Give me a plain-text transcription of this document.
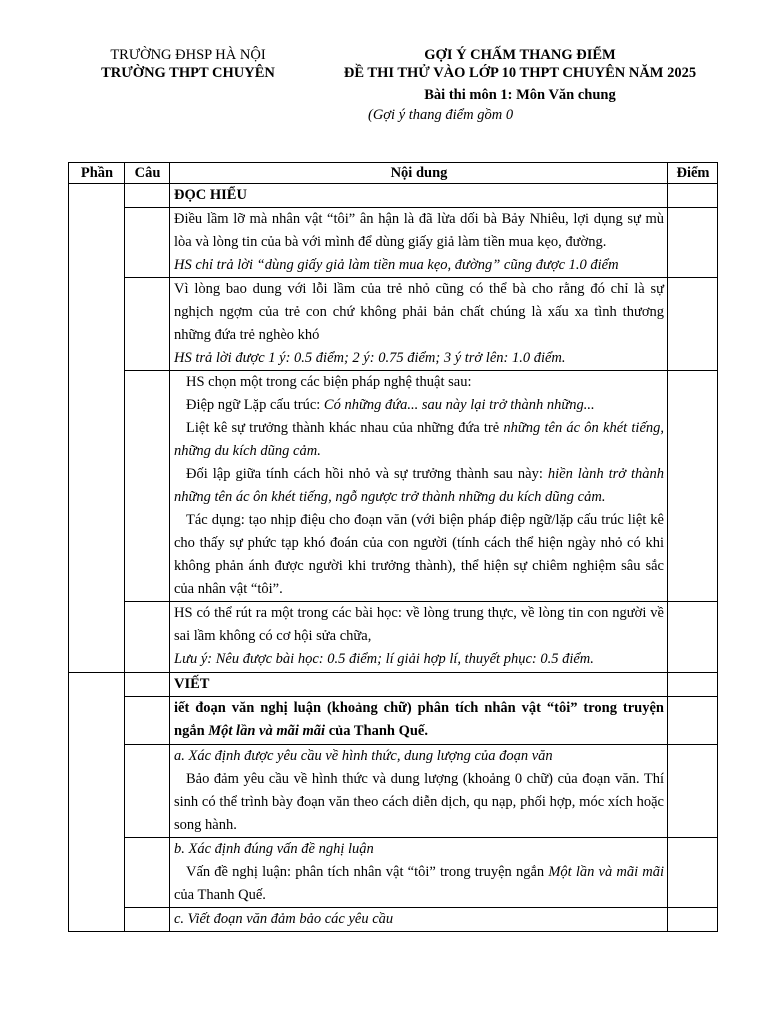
TRƯỜNG ĐHSP HÀ NỘI
TRƯỜNG THPT CHUYÊN
GỢI Ý CHẤM THANG ĐIỂM
ĐỀ THI THỬ VÀO LỚP 10 THPT CHUYÊN NĂM 2025
Bài thi môn 1: Môn Văn chung
(Gợi ý thang điểm gồm 0
Phần	Câu	Nội dung	Điểm
		ĐỌC HIỂU	

		Điều lầm lỡ mà nhân vật “tôi” ân hận là đã lừa dối bà Bảy Nhiêu, lợi dụng sự mù lòa và lòng tin của bà với mình để dùng giấy giả làm tiền mua kẹo, đường.

HS chỉ trả lời “dùng giấy giả làm tiền mua kẹo, đường” cũng được 1.0 điểm	

		Vì lòng bao dung với lỗi lầm của trẻ nhỏ cũng có thể bà cho rằng đó chỉ là sự nghịch ngợm của trẻ con chứ không phải bản chất chúng là xấu xa tình thương những đứa trẻ nghèo khó

HS trả lời được 1 ý: 0.5 điểm; 2 ý: 0.75 điểm; 3 ý trở lên: 1.0 điểm.	

		HS chọn một trong các biện pháp nghệ thuật sau:

Điệp ngữ Lặp cấu trúc: Có những đứa... sau này lại trở thành những...

Liệt kê sự trưởng thành khác nhau của những đứa trẻ những tên ác ôn khét tiếng, những du kích dũng cảm.

Đối lập giữa tính cách hồi nhỏ và sự trưởng thành sau này: hiền lành trở thành những tên ác ôn khét tiếng, ngỗ ngược trở thành những du kích dũng cảm.

Tác dụng: tạo nhịp điệu cho đoạn văn (với biện pháp điệp ngữ/lặp cấu trúc liệt kê cho thấy sự phức tạp khó đoán của con người (tính cách thể hiện ngày nhỏ có khi không phản ánh được người khi trưởng thành), thể hiện sự chiêm nghiệm sâu sắc của nhân vật “tôi”.	

		HS có thể rút ra một trong các bài học: về lòng trung thực, về lòng tin con người về sai lầm không có cơ hội sửa chữa,

Lưu ý: Nêu được bài học: 0.5 điểm; lí giải hợp lí, thuyết phục: 0.5 điểm.	

		VIẾT	

		iết đoạn văn nghị luận (khoảng chữ) phân tích nhân vật “tôi” trong truyện ngắn Một lần và mãi mãi của Thanh Quế.	

		a. Xác định được yêu cầu về hình thức, dung lượng của đoạn văn

Bảo đảm yêu cầu về hình thức và dung lượng (khoảng 0 chữ) của đoạn văn. Thí sinh có thể trình bày đoạn văn theo cách diễn dịch, qu nạp, phối hợp, móc xích hoặc song hành.	

		b. Xác định đúng vấn đề nghị luận

Vấn đề nghị luận: phân tích nhân vật “tôi” trong truyện ngắn Một lần và mãi mãi của Thanh Quế.	

		c. Viết đoạn văn đảm bảo các yêu cầu	
